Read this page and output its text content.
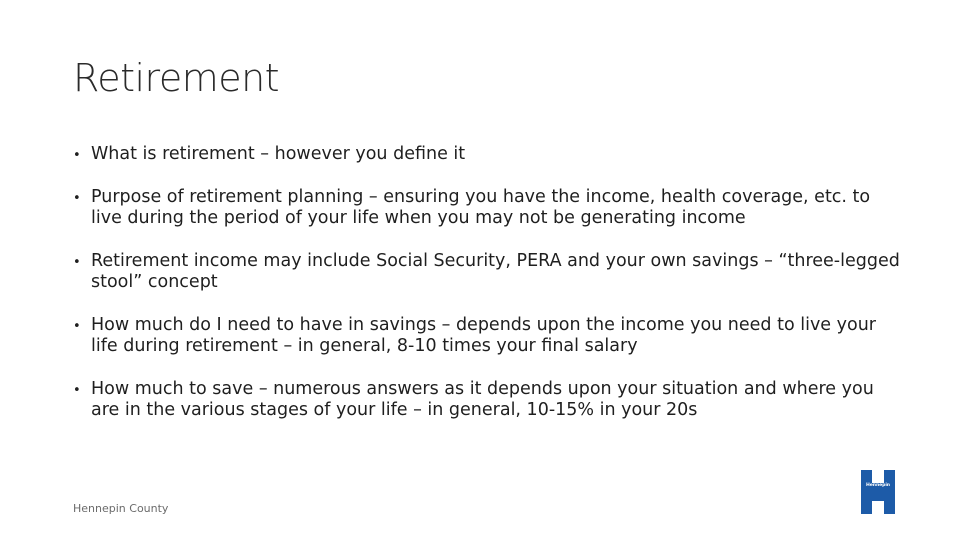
Retirement
• What is retirement – however you define it
• Purpose of retirement planning – ensuring you have the income, health coverage, etc. to live during the period of your life when you may not be generating income
• Retirement income may include Social Security, PERA and your own savings – “three-legged stool” concept
• How much do I need to have in savings – depends upon the income you need to live your life during retirement – in general, 8-10 times your final salary
• How much to save – numerous answers as it depends upon your situation and where you are in the various stages of your life – in general, 10-15% in your 20s
Hennepin County
Hennepin
